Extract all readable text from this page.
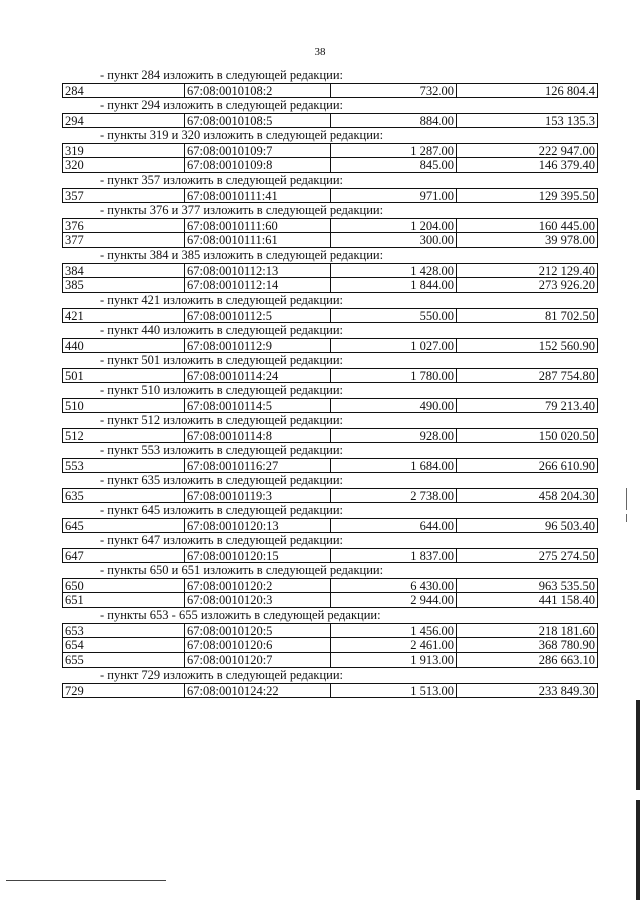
38
- пункт 284 изложить в следующей редакции:
284	67:08:0010108:2	732.00	126 804.4
- пункт 294 изложить в следующей редакции:
294	67:08:0010108:5	884.00	153 135.3
- пункты 319 и 320 изложить в следующей редакции:
319	67:08:0010109:7	1 287.00	222 947.00
320	67:08:0010109:8	845.00	146 379.40
- пункт 357 изложить в следующей редакции:
357	67:08:0010111:41	971.00	129 395.50
- пункты 376 и 377 изложить в следующей редакции:
376	67:08:0010111:60	1 204.00	160 445.00
377	67:08:0010111:61	300.00	39 978.00
- пункты 384 и 385 изложить в следующей редакции:
384	67:08:0010112:13	1 428.00	212 129.40
385	67:08:0010112:14	1 844.00	273 926.20
- пункт 421 изложить в следующей редакции:
421	67:08:0010112:5	550.00	81 702.50
- пункт 440 изложить в следующей редакции:
440	67:08:0010112:9	1 027.00	152 560.90
- пункт 501 изложить в следующей редакции:
501	67:08:0010114:24	1 780.00	287 754.80
- пункт 510 изложить в следующей редакции:
510	67:08:0010114:5	490.00	79 213.40
- пункт 512 изложить в следующей редакции:
512	67:08:0010114:8	928.00	150 020.50
- пункт 553 изложить в следующей редакции:
553	67:08:0010116:27	1 684.00	266 610.90
- пункт 635 изложить в следующей редакции:
635	67:08:0010119:3	2 738.00	458 204.30
- пункт 645 изложить в следующей редакции:
645	67:08:0010120:13	644.00	96 503.40
- пункт 647 изложить в следующей редакции:
647	67:08:0010120:15	1 837.00	275 274.50
- пункты 650 и 651 изложить в следующей редакции:
650	67:08:0010120:2	6 430.00	963 535.50
651	67:08:0010120:3	2 944.00	441 158.40
- пункты 653 - 655 изложить в следующей редакции:
653	67:08:0010120:5	1 456.00	218 181.60
654	67:08:0010120:6	2 461.00	368 780.90
655	67:08:0010120:7	1 913.00	286 663.10
- пункт 729 изложить в следующей редакции:
729	67:08:0010124:22	1 513.00	233 849.30
